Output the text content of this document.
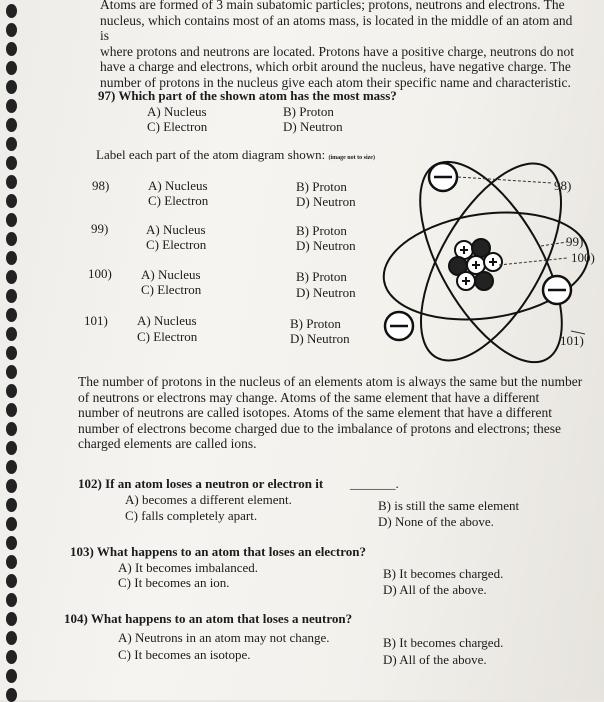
Atoms are formed of 3 main subatomic particles; protons, neutrons and electrons. The
nucleus, which contains most of an atoms mass, is located in the middle of an atom and is
where protons and neutrons are located. Protons have a positive charge, neutrons do not
have a charge and electrons, which orbit around the nucleus, have negative charge. The
number of protons in the nucleus give each atom their specific name and characteristic.
97) Which part of the shown atom has the most mass?
A) Nucleus	B) Proton
C) Electron	D) Neutron
Label each part of the atom diagram shown: (image not to size)
98)	A) Nucleus	B) Proton
C) Electron	D) Neutron
99)	A) Nucleus	B) Proton
C) Electron	D) Neutron
100) A) Nucleus	B) Proton
C) Electron	D) Neutron
101) A) Nucleus	B) Proton
C) Electron	D) Neutron
98)
99)
100)
101)
The number of protons in the nucleus of an elements atom is always the same but the number
of neutrons or electrons may change. Atoms of the same element that have a different
number of neutrons are called isotopes. Atoms of the same element that have a different
number of electrons become charged due to the imbalance of protons and electrons; these
charged elements are called ions.
102) If an atom loses a neutron or electron it _______.
A) becomes a different element.	B) is still the same element
C) falls completely apart.	D) None of the above.
103) What happens to an atom that loses an electron?
A) It becomes imbalanced.	B) It becomes charged.
C) It becomes an ion.	D) All of the above.
104) What happens to an atom that loses a neutron?
A) Neutrons in an atom may not change.	B) It becomes charged.
C) It becomes an isotope.	D) All of the above.
